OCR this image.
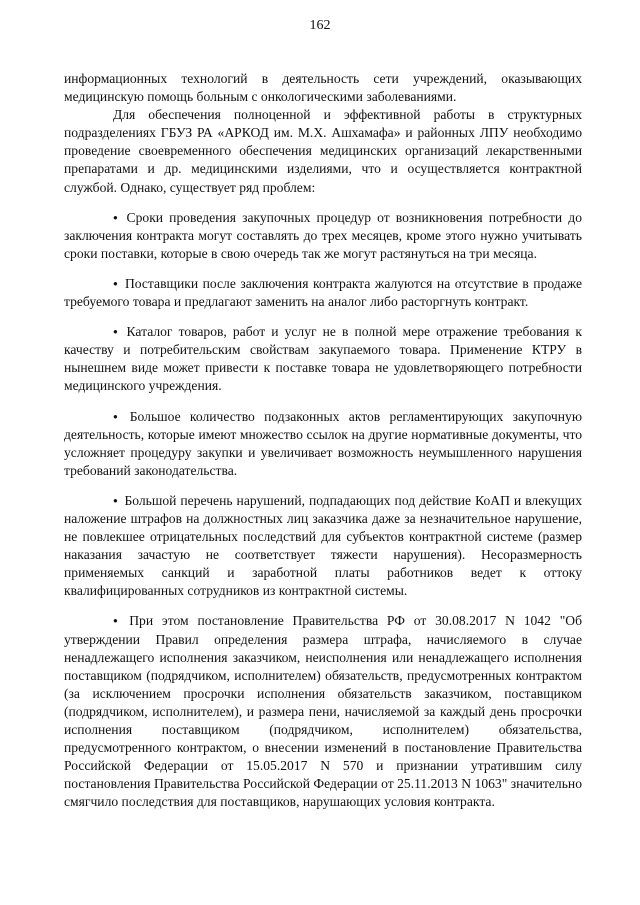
162

информационных технологий в деятельность сети учреждений, оказывающих медицинскую помощь больным с онкологическими заболеваниями.

Для обеспечения полноценной и эффективной работы в структурных подразделениях ГБУЗ РА «АРКОД им. М.Х. Ашхамафа» и районных ЛПУ необходимо проведение своевременного обеспечения медицинских организаций лекарственными препаратами и др. медицинскими изделиями, что и осуществляется контрактной службой. Однако, существует ряд проблем:

● Сроки проведения закупочных процедур от возникновения потребности до заключения контракта могут составлять до трех месяцев, кроме этого нужно учитывать сроки поставки, которые в свою очередь так же могут растянуться на три месяца.

● Поставщики после заключения контракта жалуются на отсутствие в продаже требуемого товара и предлагают заменить на аналог либо расторгнуть контракт.

● Каталог товаров, работ и услуг не в полной мере отражение требования к качеству и потребительским свойствам закупаемого товара. Применение КТРУ в нынешнем виде может привести к поставке товара не удовлетворяющего потребности медицинского учреждения.

● Большое количество подзаконных актов регламентирующих закупочную деятельность, которые имеют множество ссылок на другие нормативные документы, что усложняет процедуру закупки и увеличивает возможность неумышленного нарушения требований законодательства.

● Большой перечень нарушений, подпадающих под действие КоАП и влекущих наложение штрафов на должностных лиц заказчика даже за незначительное нарушение, не повлекшее отрицательных последствий для субъектов контрактной системе (размер наказания зачастую не соответствует тяжести нарушения). Несоразмерность применяемых санкций и заработной платы работников ведет к оттоку квалифицированных сотрудников из контрактной системы.

● При этом постановление Правительства РФ от 30.08.2017 N 1042 "Об утверждении Правил определения размера штрафа, начисляемого в случае ненадлежащего исполнения заказчиком, неисполнения или ненадлежащего исполнения поставщиком (подрядчиком, исполнителем) обязательств, предусмотренных контрактом (за исключением просрочки исполнения обязательств заказчиком, поставщиком (подрядчиком, исполнителем), и размера пени, начисляемой за каждый день просрочки исполнения поставщиком (подрядчиком, исполнителем) обязательства, предусмотренного контрактом, о внесении изменений в постановление Правительства Российской Федерации от 15.05.2017 N 570 и признании утратившим силу постановления Правительства Российской Федерации от 25.11.2013 N 1063" значительно смягчило последствия для поставщиков, нарушающих условия контракта.
